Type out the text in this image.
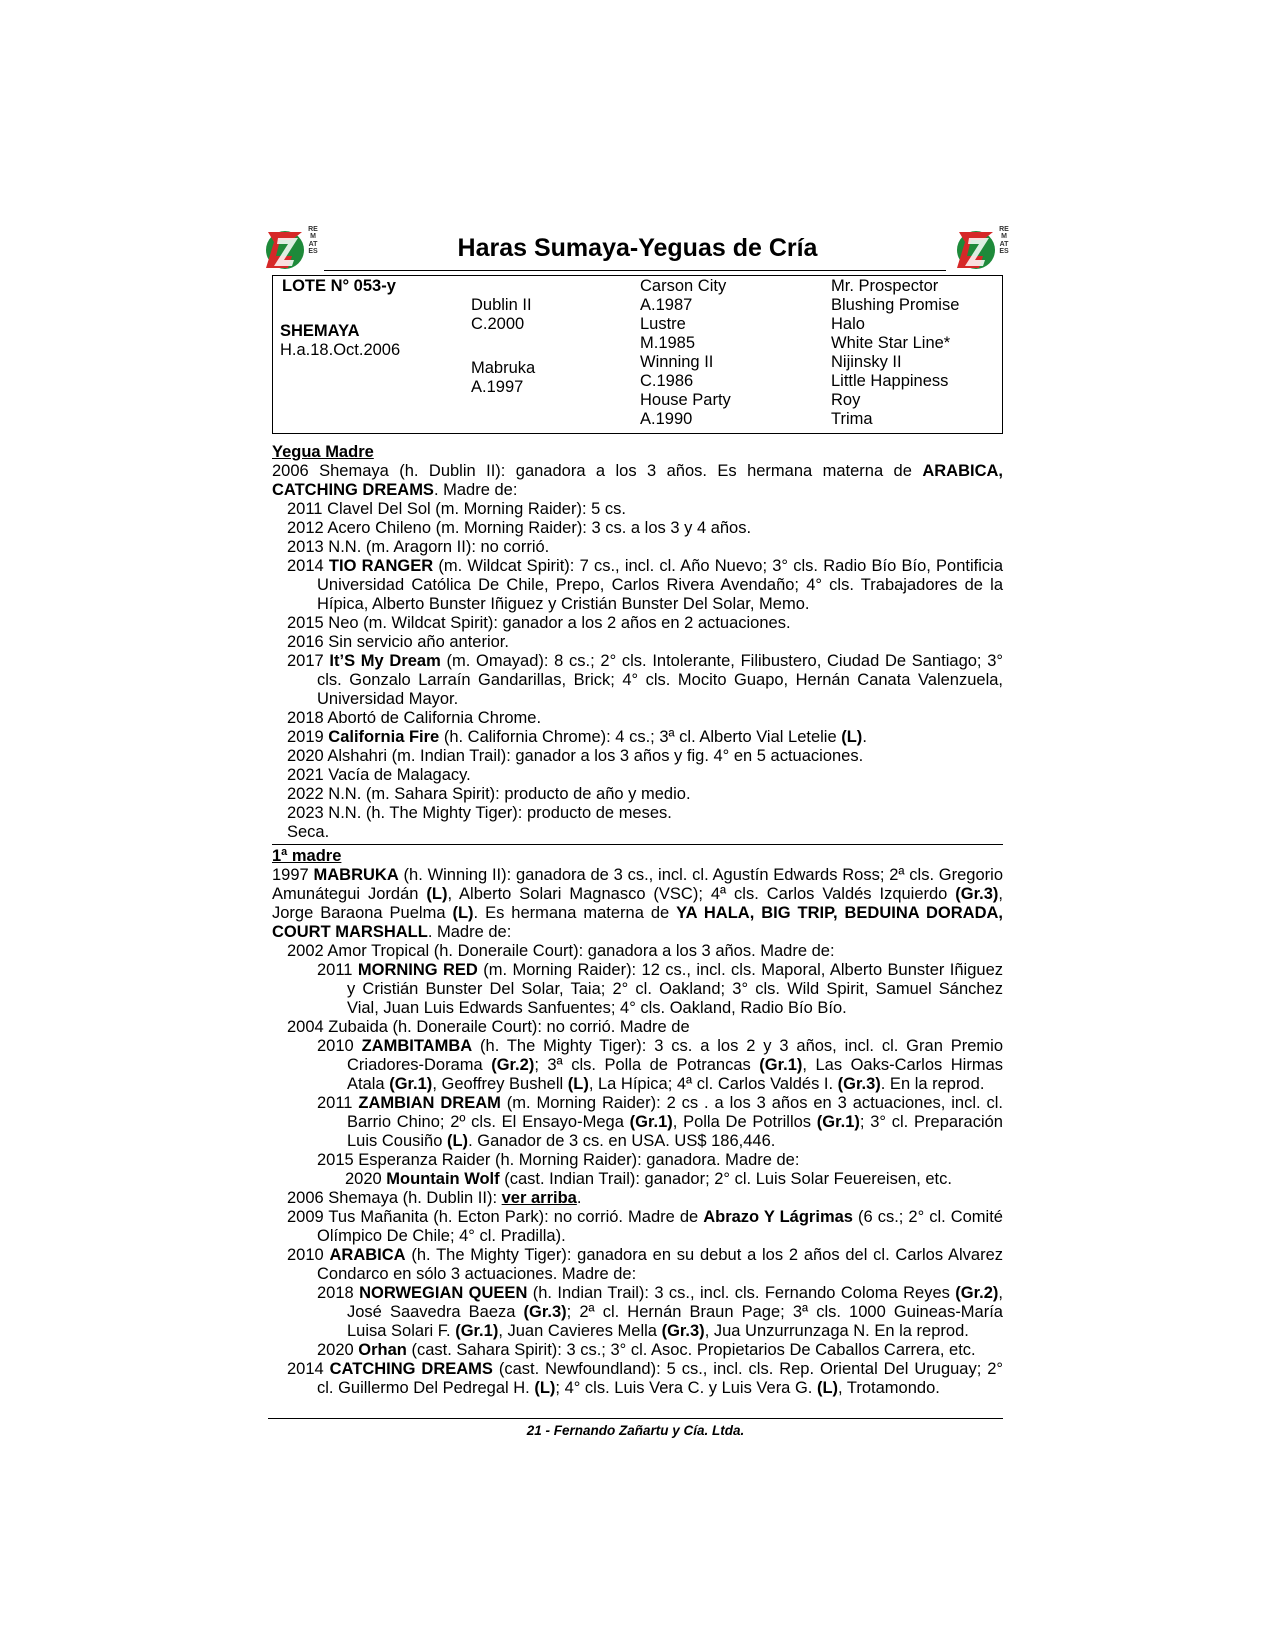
REMATES
REMATES
Haras Sumaya-Yeguas de Cría
LOTE N° 053-y
SHEMAYA
H.a.18.Oct.2006
Dublin II
C.2000
Mabruka
A.1997
Carson City
A.1987
Lustre
M.1985
Winning II
C.1986
House Party
A.1990
Mr. Prospector
Blushing Promise
Halo
White Star Line*
Nijinsky II
Little Happiness
Roy
Trima
Yegua Madre

2006 Shemaya (h. Dublin II): ganadora a los 3 años. Es hermana materna de ARABICA, CATCHING DREAMS. Madre de:

2011 Clavel Del Sol (m. Morning Raider): 5 cs.

2012 Acero Chileno (m. Morning Raider): 3 cs. a los 3 y 4 años.

2013 N.N. (m. Aragorn II): no corrió.

2014 TIO RANGER (m. Wildcat Spirit): 7 cs., incl. cl. Año Nuevo; 3° cls. Radio Bío Bío, Pontificia Universidad Católica De Chile, Prepo, Carlos Rivera Avendaño; 4° cls. Trabajadores de la Hípica, Alberto Bunster Iñiguez y Cristián Bunster Del Solar, Memo.

2015 Neo (m. Wildcat Spirit): ganador a los 2 años en 2 actuaciones.

2016 Sin servicio año anterior.

2017 It’S My Dream (m. Omayad): 8 cs.; 2° cls. Intolerante, Filibustero, Ciudad De Santiago; 3° cls. Gonzalo Larraín Gandarillas, Brick; 4° cls. Mocito Guapo, Hernán Canata Valenzuela, Universidad Mayor.

2018 Abortó de California Chrome.

2019 California Fire (h. California Chrome): 4 cs.; 3ª cl. Alberto Vial Letelie (L).

2020 Alshahri (m. Indian Trail): ganador a los 3 años y fig. 4° en 5 actuaciones.

2021 Vacía de Malagacy.

2022 N.N. (m. Sahara Spirit): producto de año y medio.

2023 N.N. (h. The Mighty Tiger): producto de meses.

Seca.

1ª madre

1997 MABRUKA (h. Winning II): ganadora de 3 cs., incl. cl. Agustín Edwards Ross; 2ª cls. Gregorio Amunátegui Jordán (L), Alberto Solari Magnasco (VSC); 4ª cls. Carlos Valdés Izquierdo (Gr.3), Jorge Baraona Puelma (L). Es hermana materna de YA HALA, BIG TRIP, BEDUINA DORADA, COURT MARSHALL. Madre de:

2002 Amor Tropical (h. Doneraile Court): ganadora a los 3 años. Madre de:

2011 MORNING RED (m. Morning Raider): 12 cs., incl. cls. Maporal, Alberto Bunster Iñiguez y Cristián Bunster Del Solar, Taia; 2° cl. Oakland; 3° cls. Wild Spirit, Samuel Sánchez Vial, Juan Luis Edwards Sanfuentes; 4° cls. Oakland, Radio Bío Bío.

2004 Zubaida (h. Doneraile Court): no corrió. Madre de

2010 ZAMBITAMBA (h. The Mighty Tiger): 3 cs. a los 2 y 3 años, incl. cl. Gran Premio Criadores-Dorama (Gr.2); 3ª cls. Polla de Potrancas (Gr.1), Las Oaks-Carlos Hirmas Atala (Gr.1), Geoffrey Bushell (L), La Hípica; 4ª cl. Carlos Valdés I. (Gr.3). En la reprod.

2011 ZAMBIAN DREAM (m. Morning Raider): 2 cs . a los 3 años en 3 actuaciones, incl. cl. Barrio Chino; 2º cls. El Ensayo-Mega (Gr.1), Polla De Potrillos (Gr.1); 3° cl. Preparación Luis Cousiño (L). Ganador de 3 cs. en USA. US$ 186,446.

2015 Esperanza Raider (h. Morning Raider): ganadora. Madre de:

2020 Mountain Wolf (cast. Indian Trail): ganador; 2° cl. Luis Solar Feuereisen, etc.

2006 Shemaya (h. Dublin II): ver arriba.

2009 Tus Mañanita (h. Ecton Park): no corrió. Madre de Abrazo Y Lágrimas (6 cs.; 2° cl. Comité Olímpico De Chile; 4° cl. Pradilla).

2010 ARABICA (h. The Mighty Tiger): ganadora en su debut a los 2 años del cl. Carlos Alvarez Condarco en sólo 3 actuaciones. Madre de:

2018 NORWEGIAN QUEEN (h. Indian Trail): 3 cs., incl. cls. Fernando Coloma Reyes (Gr.2), José Saavedra Baeza (Gr.3); 2ª cl. Hernán Braun Page; 3ª cls. 1000 Guineas-María Luisa Solari F. (Gr.1), Juan Cavieres Mella (Gr.3), Jua Unzurrunzaga N. En la reprod.

2020 Orhan (cast. Sahara Spirit): 3 cs.; 3° cl. Asoc. Propietarios De Caballos Carrera, etc.

2014 CATCHING DREAMS (cast. Newfoundland): 5 cs., incl. cls. Rep. Oriental Del Uruguay; 2° cl. Guillermo Del Pedregal H. (L); 4° cls. Luis Vera C. y Luis Vera G. (L), Trotamondo.

21 - Fernando Zañartu y Cía. Ltda.
